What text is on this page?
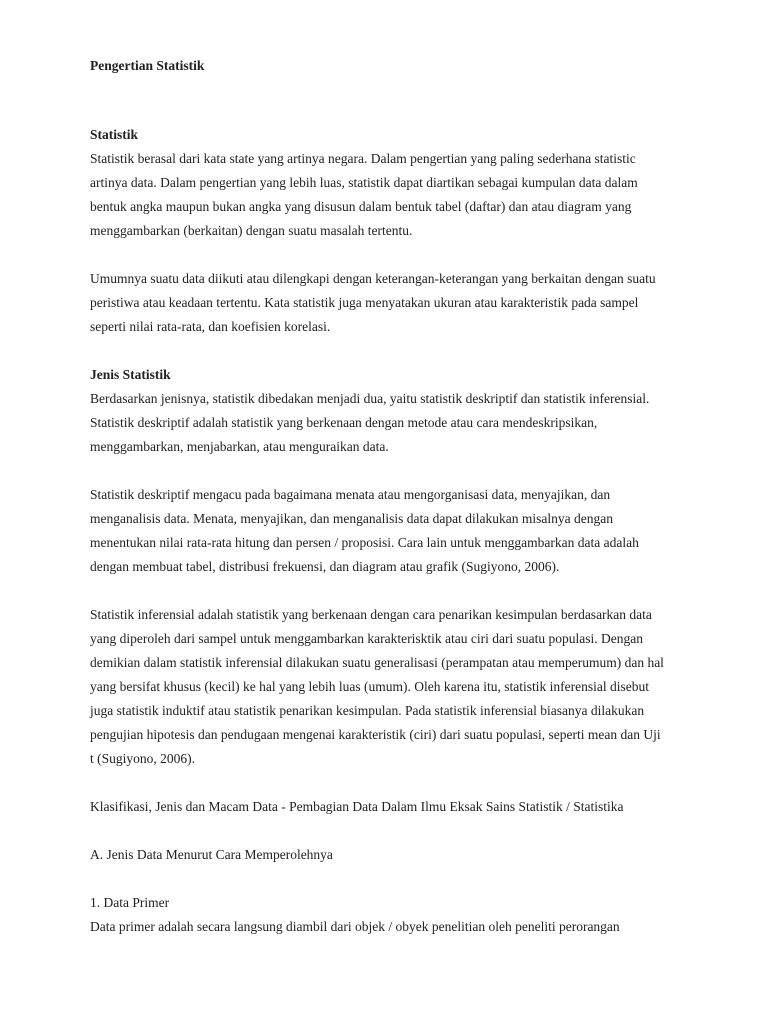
Pengertian Statistik
Statistik
Statistik berasal dari kata state yang artinya negara. Dalam pengertian yang paling sederhana statistic
artinya data. Dalam pengertian yang lebih luas, statistik dapat diartikan sebagai kumpulan data dalam
bentuk angka maupun bukan angka yang disusun dalam bentuk tabel (daftar) dan atau diagram yang
menggambarkan (berkaitan) dengan suatu masalah tertentu.
Umumnya suatu data diikuti atau dilengkapi dengan keterangan-keterangan yang berkaitan dengan suatu
peristiwa atau keadaan tertentu. Kata statistik juga menyatakan ukuran atau karakteristik pada sampel
seperti nilai rata-rata, dan koefisien korelasi.
Jenis Statistik
Berdasarkan jenisnya, statistik dibedakan menjadi dua, yaitu statistik deskriptif dan statistik inferensial.
Statistik deskriptif adalah statistik yang berkenaan dengan metode atau cara mendeskripsikan,
menggambarkan, menjabarkan, atau menguraikan data.
Statistik deskriptif mengacu pada bagaimana menata atau mengorganisasi data, menyajikan, dan
menganalisis data. Menata, menyajikan, dan menganalisis data dapat dilakukan misalnya dengan
menentukan nilai rata-rata hitung dan persen / proposisi. Cara lain untuk menggambarkan data adalah
dengan membuat tabel, distribusi frekuensi, dan diagram atau grafik (Sugiyono, 2006).
Statistik inferensial adalah statistik yang berkenaan dengan cara penarikan kesimpulan berdasarkan data
yang diperoleh dari sampel untuk menggambarkan karakterisktik atau ciri dari suatu populasi. Dengan
demikian dalam statistik inferensial dilakukan suatu generalisasi (perampatan atau memperumum) dan hal
yang bersifat khusus (kecil) ke hal yang lebih luas (umum). Oleh karena itu, statistik inferensial disebut
juga statistik induktif atau statistik penarikan kesimpulan. Pada statistik inferensial biasanya dilakukan
pengujian hipotesis dan pendugaan mengenai karakteristik (ciri) dari suatu populasi, seperti mean dan Uji
t (Sugiyono, 2006).
Klasifikasi, Jenis dan Macam Data - Pembagian Data Dalam Ilmu Eksak Sains Statistik / Statistika
A. Jenis Data Menurut Cara Memperolehnya
1. Data Primer
Data primer adalah secara langsung diambil dari objek / obyek penelitian oleh peneliti perorangan
